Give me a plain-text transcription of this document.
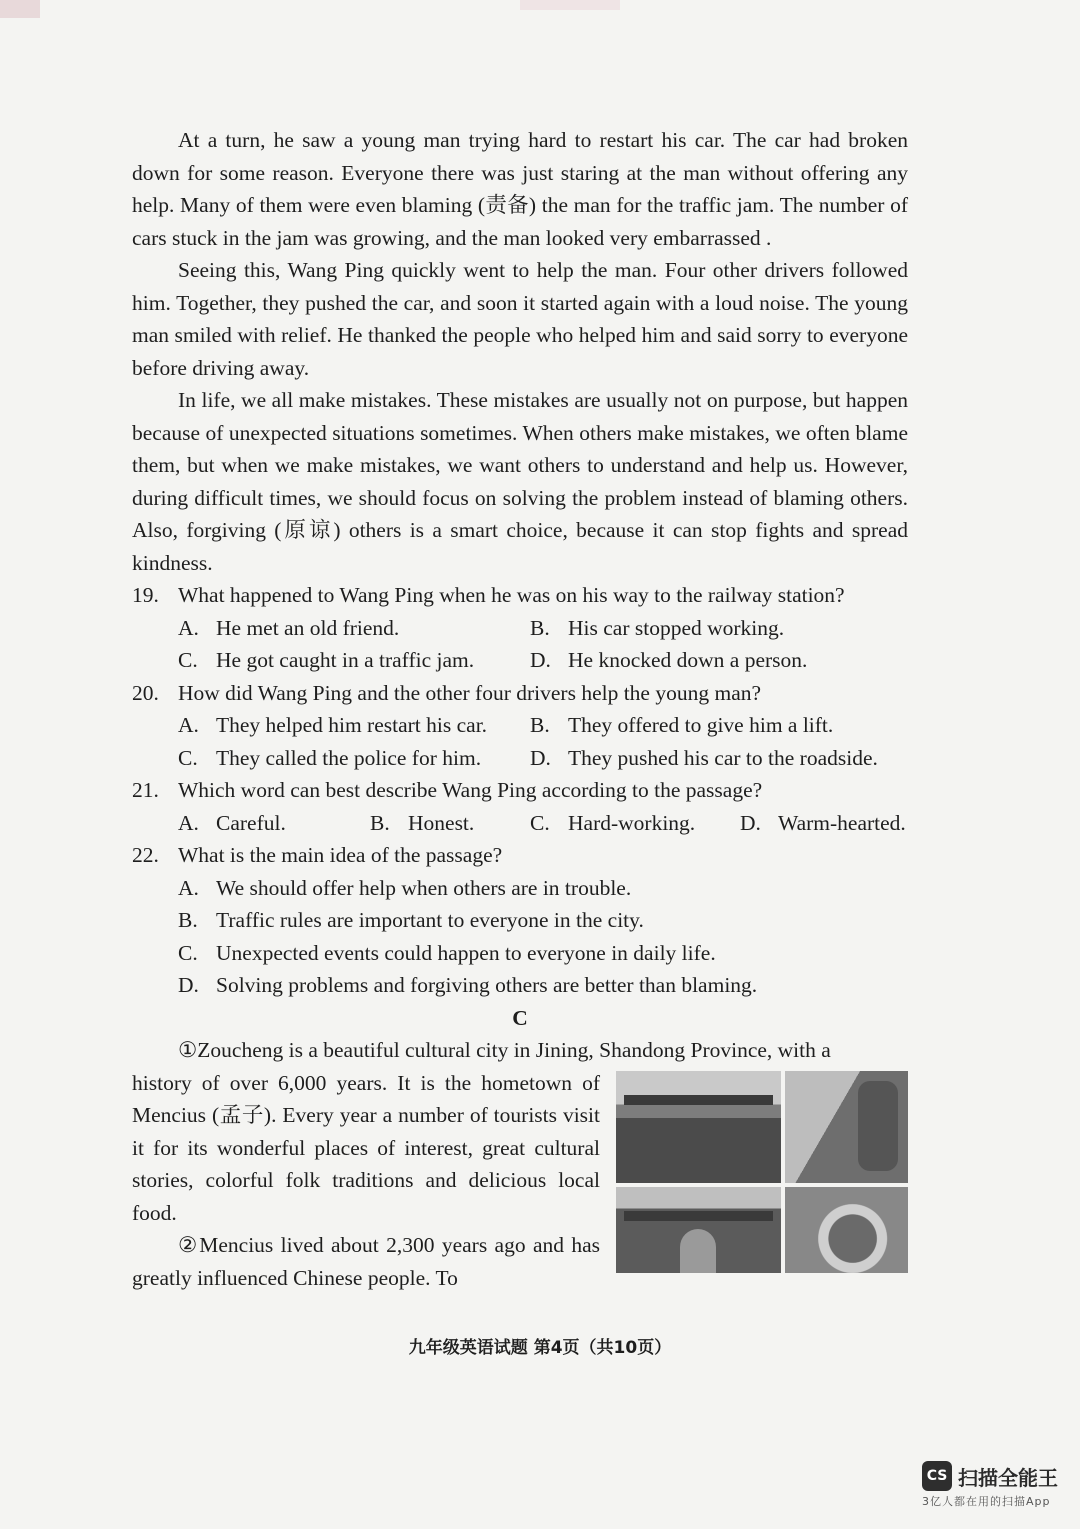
At a turn, he saw a young man trying hard to restart his car. The car had broken down for some reason. Everyone there was just staring at the man without offering any help. Many of them were even blaming (责备) the man for the traffic jam. The number of cars stuck in the jam was growing, and the man looked very embarrassed .

Seeing this, Wang Ping quickly went to help the man. Four other drivers followed him. Together, they pushed the car, and soon it started again with a loud noise. The young man smiled with relief. He thanked the people who helped him and said sorry to everyone before driving away.

In life, we all make mistakes. These mistakes are usually not on purpose, but happen because of unexpected situations sometimes. When others make mistakes, we often blame them, but when we make mistakes, we want others to understand and help us. However, during difficult times, we should focus on solving the problem instead of blaming others. Also, forgiving (原谅) others is a smart choice, because it can stop fights and spread kindness.

19. What happened to Wang Ping when he was on his way to the railway station?

A. He met an old friend.	B. His car stopped working.
C. He got caught in a traffic jam.	D. He knocked down a person.

20. How did Wang Ping and the other four drivers help the young man?

A. They helped him restart his car.	B. They offered to give him a lift.
C. They called the police for him.	D. They pushed his car to the roadside.

21. Which word can best describe Wang Ping according to the passage?

A. Careful.	B. Honest.	C. Hard-working.	D. Warm-hearted.

22. What is the main idea of the passage?

A. We should offer help when others are in trouble.
B. Traffic rules are important to everyone in the city.
C. Unexpected events could happen to everyone in daily life.
D. Solving problems and forgiving others are better than blaming.

C

①Zoucheng is a beautiful cultural city in Jining, Shandong Province, with a

history of over 6,000 years. It is the hometown of Mencius (孟子). Every year a number of tourists visit it for its wonderful places of interest, great cultural stories, colorful folk traditions and delicious local food.

②Mencius lived about 2,300 years ago and has greatly influenced Chinese people. To

九年级英语试题 第4页（共10页）
CS 扫描全能王
3亿人都在用的扫描App
